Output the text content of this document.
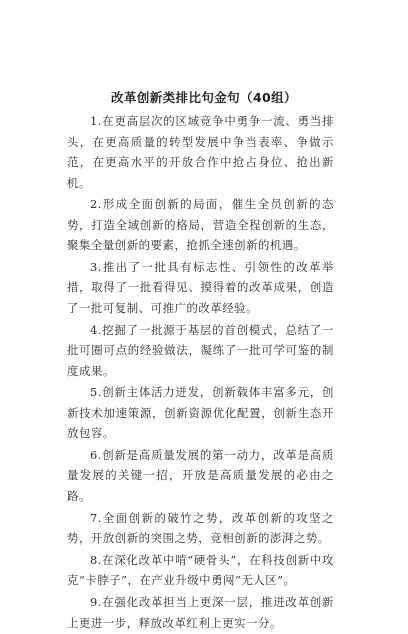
改革创新类排比句金句（40组）
1.在更高层次的区域竞争中勇争一流、勇当排头，在更高质量的转型发展中争当表率、争做示范，在更高水平的开放合作中抢占身位、抢出新机。
2.形成全面创新的局面，催生全员创新的态势，打造全域创新的格局，营造全程创新的生态，聚集全量创新的要素，抢抓全速创新的机遇。
3.推出了一批具有标志性、引领性的改革举措，取得了一批看得见、摸得着的改革成果，创造了一批可复制、可推广的改革经验。
4.挖掘了一批源于基层的首创模式，总结了一批可圈可点的经验做法，凝练了一批可学可鉴的制度成果。
5.创新主体活力迸发，创新载体丰富多元，创新技术加速策源，创新资源优化配置，创新生态开放包容。
6.创新是高质量发展的第一动力，改革是高质量发展的关键一招，开放是高质量发展的必由之路。
7.全面创新的破竹之势，改革创新的攻坚之势，开放创新的突围之势，竞相创新的澎湃之势。
8.在深化改革中啃“硬骨头”，在科技创新中攻克“卡脖子”，在产业升级中勇闯“无人区”。
9.在强化改革担当上更深一层，推进改革创新上更进一步，释放改革红利上更实一分。
